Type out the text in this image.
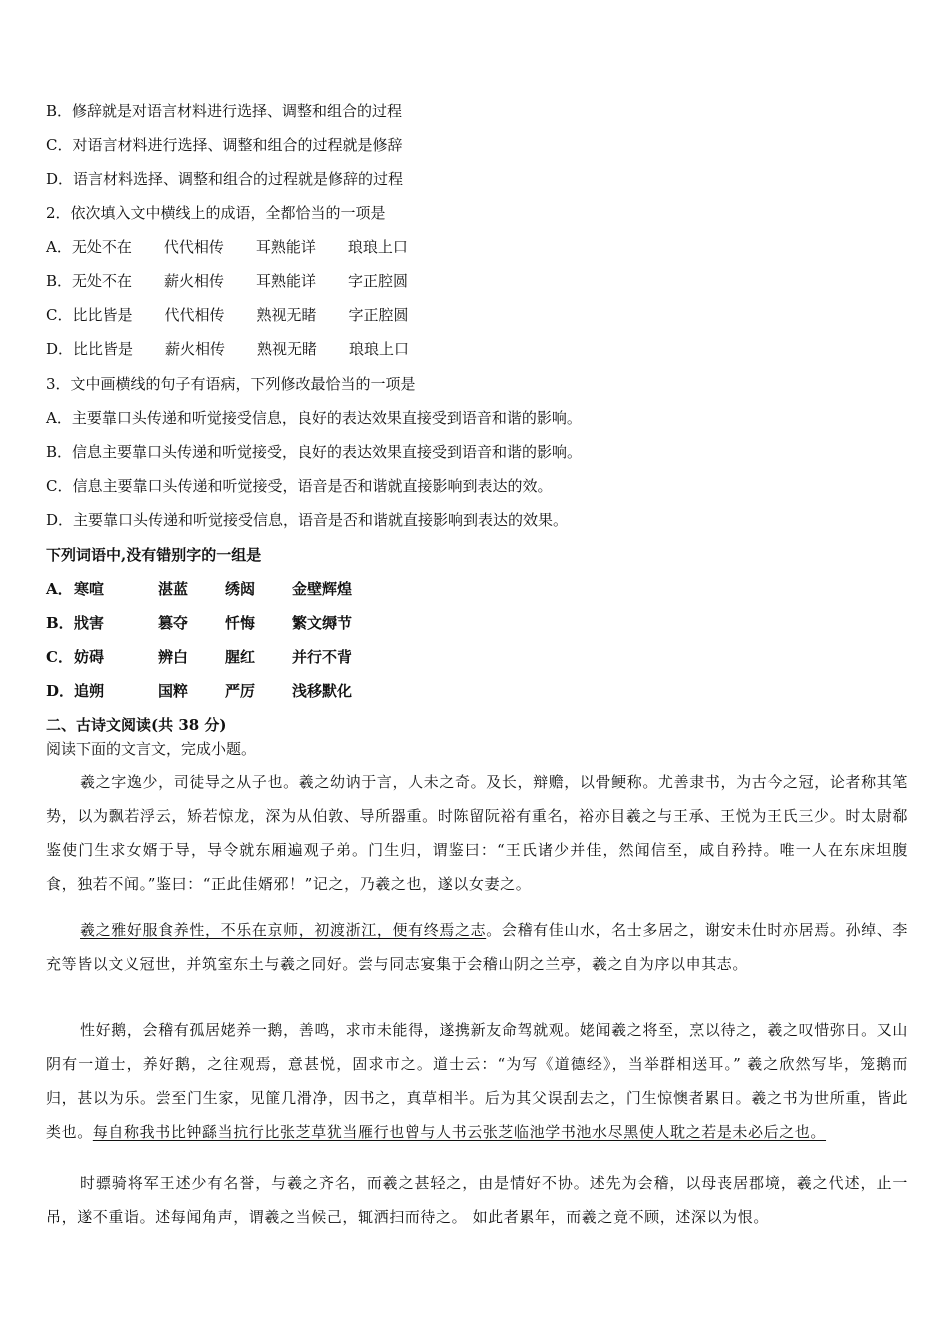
B．修辞就是对语言材料进行选择、调整和组合的过程
C．对语言材料进行选择、调整和组合的过程就是修辞
D．语言材料选择、调整和组合的过程就是修辞的过程
2．依次填入文中横线上的成语，全都恰当的一项是
A．无处不在 代代相传 耳熟能详 琅琅上口
B．无处不在 薪火相传 耳熟能详 字正腔圆
C．比比皆是 代代相传 熟视无睹 字正腔圆
D．比比皆是 薪火相传 熟视无睹 琅琅上口
3．文中画横线的句子有语病，下列修改最恰当的一项是
A．主要靠口头传递和听觉接受信息，良好的表达效果直接受到语音和谐的影响。
B．信息主要靠口头传递和听觉接受，良好的表达效果直接受到语音和谐的影响。
C．信息主要靠口头传递和听觉接受，语音是否和谐就直接影响到表达的效。
D．主要靠口头传递和听觉接受信息，语音是否和谐就直接影响到表达的效果。
下列词语中,没有错别字的一组是
A．寒喧	湛蓝 绣闼 金壁辉煌
B．戕害	篡夺 忏悔 繁文缛节
C．妨碍	辨白 腥红 并行不背
D．追朔	国粹 严厉 浅移默化
二、古诗文阅读(共 38 分)
阅读下面的文言文，完成小题。
羲之字逸少，司徒导之从子也。羲之幼讷于言，人未之奇。及长，辩赡，以骨鲠称。尤善隶书，为古今之冠，论者称其笔势，以为飘若浮云，矫若惊龙，深为从伯敦、导所器重。时陈留阮裕有重名，裕亦目羲之与王承、王悦为王氏三少。时太尉郗鉴使门生求女婿于导，导令就东厢遍观子弟。门生归，谓鉴曰：“王氏诸少并佳，然闻信至，咸自矜持。唯一人在东床坦腹食，独若不闻。”鉴曰：“正此佳婿邪！”记之，乃羲之也，遂以女妻之。
羲之雅好服食养性，不乐在京师，初渡浙江，便有终焉之志。会稽有佳山水，名士多居之，谢安未仕时亦居焉。孙绰、李充等皆以文义冠世，并筑室东土与羲之同好。尝与同志宴集于会稽山阴之兰亭，羲之自为序以申其志。
性好鹅，会稽有孤居姥养一鹅，善鸣，求市未能得，遂携新友命驾就观。姥闻羲之将至，烹以待之，羲之叹惜弥日。又山阴有一道士，养好鹅，之往观焉，意甚悦，固求市之。道士云：“为写《道德经》，当举群相送耳。” 羲之欣然写毕，笼鹅而归，甚以为乐。尝至门生家，见篚几滑净，因书之，真草相半。后为其父误刮去之，门生惊懊者累日。羲之书为世所重，皆此类也。每自称我书比钟繇当抗行比张芝草犹当雁行也曾与人书云张芝临池学书池水尽黑使人耽之若是未必后之也。
时骠骑将军王述少有名誉，与羲之齐名，而羲之甚轻之，由是情好不协。述先为会稽，以母丧居郡境，羲之代述，止一吊，遂不重诣。述每闻角声，谓羲之当候己，辄洒扫而待之。 如此者累年，而羲之竟不顾，述深以为恨。
